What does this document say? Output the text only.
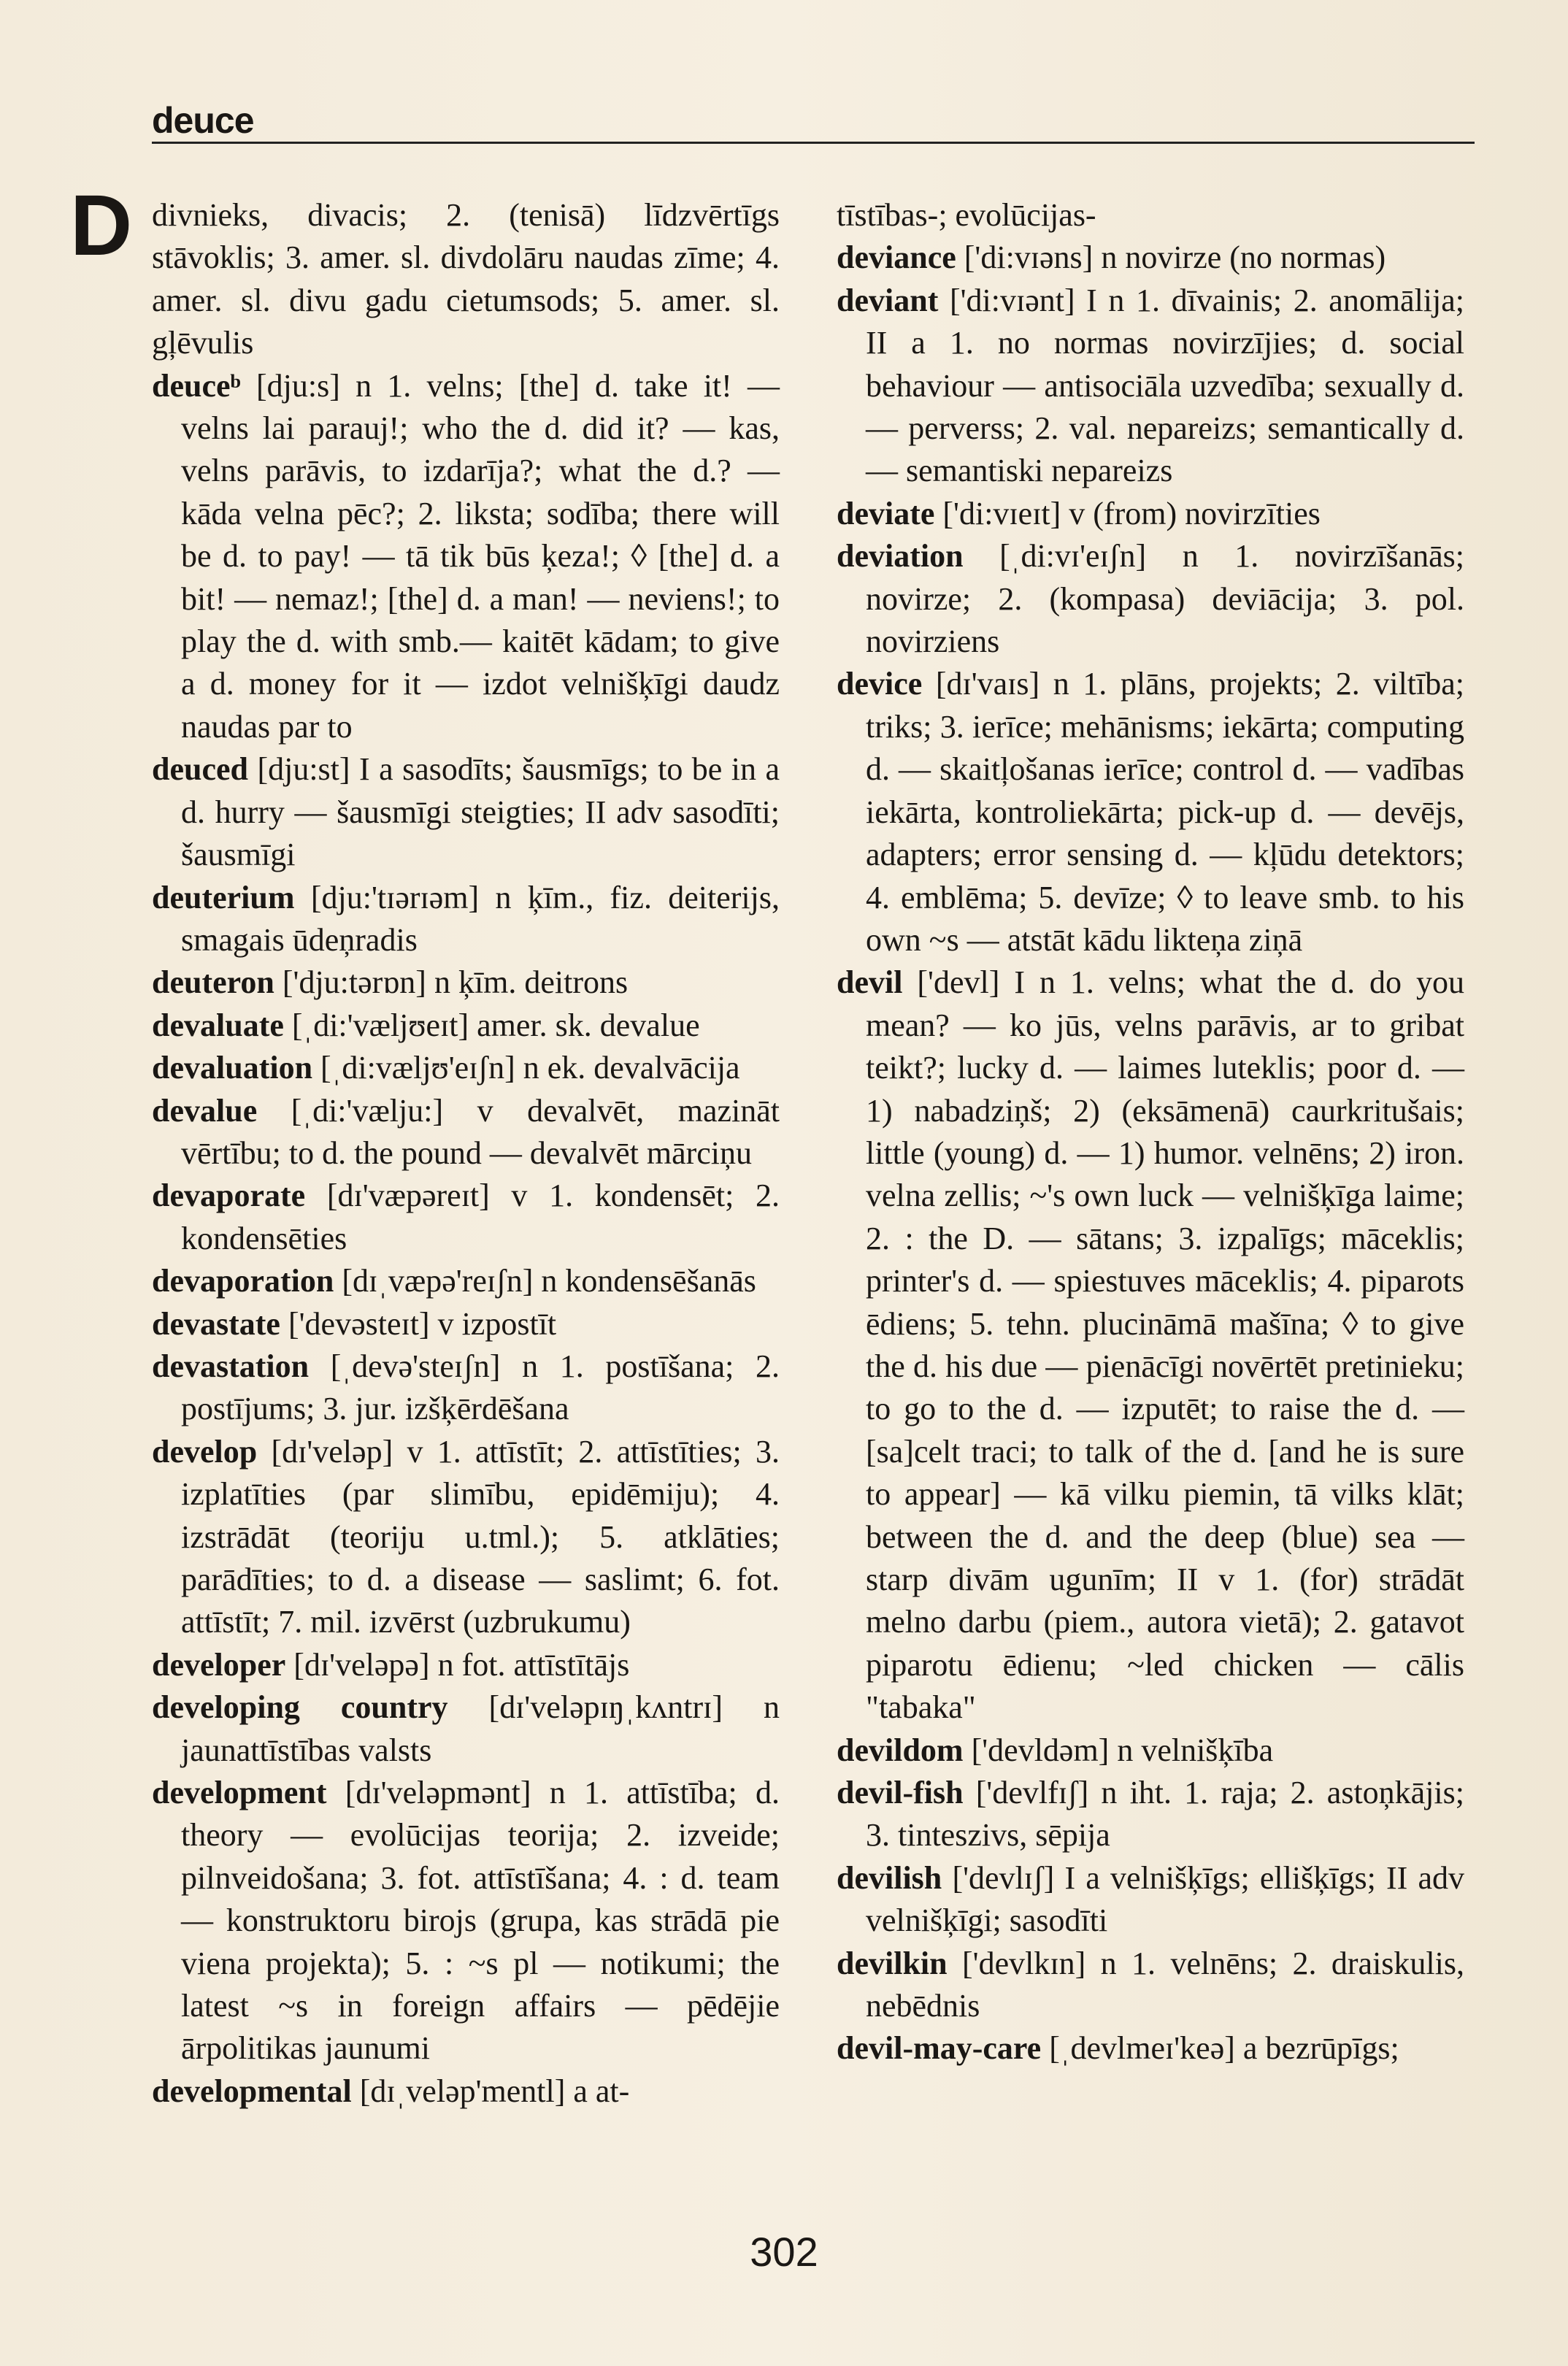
deuce
D divnieks, divacis; 2. (tenisā) līdzvērtīgs stāvoklis; 3. amer. sl. divdolāru naudas zīme; 4. amer. sl. divu gadu cietumsods; 5. amer. sl. gļēvulis

deuceᵇ [dju:s] n 1. velns; [the] d. take it! — velns lai parauj!; who the d. did it? — kas, velns parāvis, to izdarīja?; what the d.? — kāda velna pēc?; 2. liksta; sodība; there will be d. to pay! — tā tik būs ķeza!; ◊ [the] d. a bit! — nemaz!; [the] d. a man! — neviens!; to play the d. with smb.— kaitēt kādam; to give a d. money for it — izdot velnišķīgi daudz naudas par to

deuced [dju:st] I a sasodīts; šausmīgs; to be in a d. hurry — šausmīgi steigties; II adv sasodīti; šausmīgi

deuterium [dju:'tɪərɪəm] n ķīm., fiz. deiterijs, smagais ūdeņradis

deuteron ['dju:tərɒn] n ķīm. deitrons

devaluate [ˌdi:'væljʊeɪt] amer. sk. devalue

devaluation [ˌdi:væljʊ'eɪʃn] n ek. devalvācija

devalue [ˌdi:'vælju:] v devalvēt, mazināt vērtību; to d. the pound — devalvēt mārciņu

devaporate [dɪ'væpəreɪt] v 1. kondensēt; 2. kondensēties

devaporation [dɪˌvæpə'reɪʃn] n kondensēšanās

devastate ['devəsteɪt] v izpostīt

devastation [ˌdevə'steɪʃn] n 1. postīšana; 2. postījums; 3. jur. izšķērdēšana

develop [dɪ'veləp] v 1. attīstīt; 2. attīstīties; 3. izplatīties (par slimību, epidēmiju); 4. izstrādāt (teoriju u.tml.); 5. atklāties; parādīties; to d. a disease — saslimt; 6. fot. attīstīt; 7. mil. izvērst (uzbrukumu)

developer [dɪ'veləpə] n fot. attīstītājs

developing country [dɪ'veləpɪŋˌkʌntrɪ] n jaunattīstības valsts

development [dɪ'veləpmənt] n 1. attīstība; d. theory — evolūcijas teorija; 2. izveide; pilnveidošana; 3. fot. attīstīšana; 4. : d. team — konstruktoru birojs (grupa, kas strādā pie viena projekta); 5. : ~s pl — notikumi; the latest ~s in foreign affairs — pēdējie ārpolitikas jaunumi

developmental [dɪˌveləp'mentl] a at-

tīstības-; evolūcijas-

deviance ['di:vɪəns] n novirze (no normas)

deviant ['di:vɪənt] I n 1. dīvainis; 2. anomālija; II a 1. no normas novirzījies; d. social behaviour — antisociāla uzvedība; sexually d. — perverss; 2. val. nepareizs; semantically d. — semantiski nepareizs

deviate ['di:vɪeɪt] v (from) novirzīties

deviation [ˌdi:vɪ'eɪʃn] n 1. novirzīšanās; novirze; 2. (kompasa) deviācija; 3. pol. novirziens

device [dɪ'vaɪs] n 1. plāns, projekts; 2. viltība; triks; 3. ierīce; mehānisms; iekārta; computing d. — skaitļošanas ierīce; control d. — vadības iekārta, kontroliekārta; pick-up d. — devējs, adapters; error sensing d. — kļūdu detektors; 4. emblēma; 5. devīze; ◊ to leave smb. to his own ~s — atstāt kādu likteņa ziņā

devil ['devl] I n 1. velns; what the d. do you mean? — ko jūs, velns parāvis, ar to gribat teikt?; lucky d. — laimes luteklis; poor d. — 1) nabadziņš; 2) (eksāmenā) caurkritušais; little (young) d. — 1) humor. velnēns; 2) iron. velna zellis; ~'s own luck — velnišķīga laime; 2. : the D. — sātans; 3. izpalīgs; māceklis; printer's d. — spiestuves māceklis; 4. piparots ēdiens; 5. tehn. plucināmā mašīna; ◊ to give the d. his due — pienācīgi novērtēt pretinieku; to go to the d. — izputēt; to raise the d. — [sa]celt traci; to talk of the d. [and he is sure to appear] — kā vilku piemin, tā vilks klāt; between the d. and the deep (blue) sea — starp divām ugunīm; II v 1. (for) strādāt melno darbu (piem., autora vietā); 2. gatavot piparotu ēdienu; ~led chicken — cālis "tabaka"

devildom ['devldəm] n velnišķība

devil-fish ['devlfɪʃ] n iht. 1. raja; 2. astoņkājis; 3. tinteszivs, sēpija

devilish ['devlɪʃ] I a velnišķīgs; ellišķīgs; II adv velnišķīgi; sasodīti

devilkin ['devlkɪn] n 1. velnēns; 2. draiskulis, nebēdnis

devil-may-care [ˌdevlmeɪ'keə] a bezrūpīgs;

302
